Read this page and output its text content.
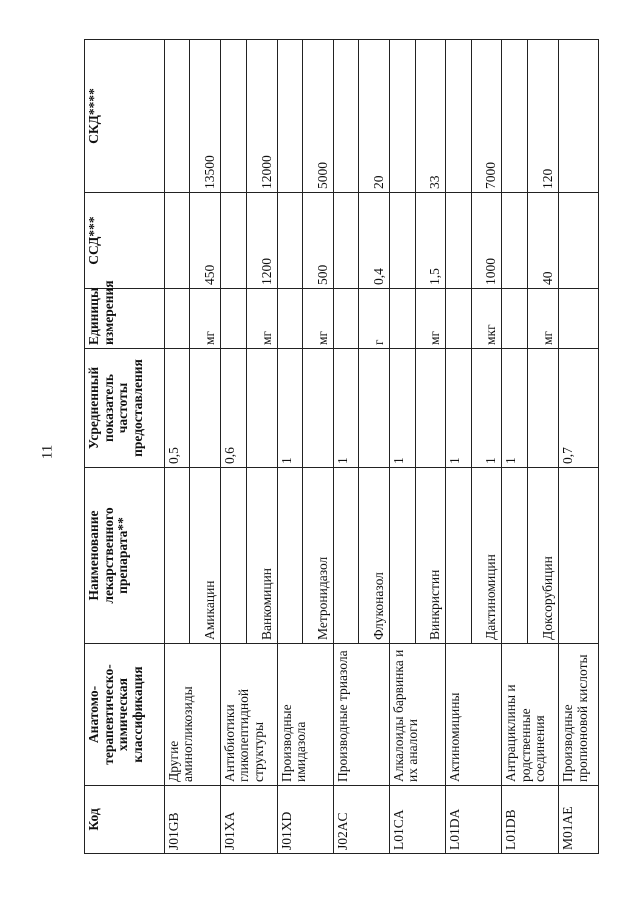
11
Код	Анатомо-терапевтическо-химическая классификация	Наименование лекарственного препарата**	Усредненный показатель частоты предоставления	Единицы измерения	ССД***	СКД****
J01GB	Другие аминогликозиды		0,5			
		Амикацин		мг	450	13500
J01XA	Антибиотики гликопептидной структуры		0,6			
		Ванкомицин		мг	1200	12000
J01XD	Производные имидазола		1			
		Метронидазол		мг	500	5000
J02AC	Производные триазола		1			
		Флуконазол		г	0,4	20
L01CA	Алкалоиды барвинка и их аналоги		1			
		Винкристин		мг	1,5	33
L01DA	Актиномицины		1			
		Дактиномицин	1	мкг	1000	7000
L01DB	Антрациклины и родственные соединения		1			
		Доксорубицин		мг	40	120
M01AE	Производные пропионовой кислоты		0,7			
